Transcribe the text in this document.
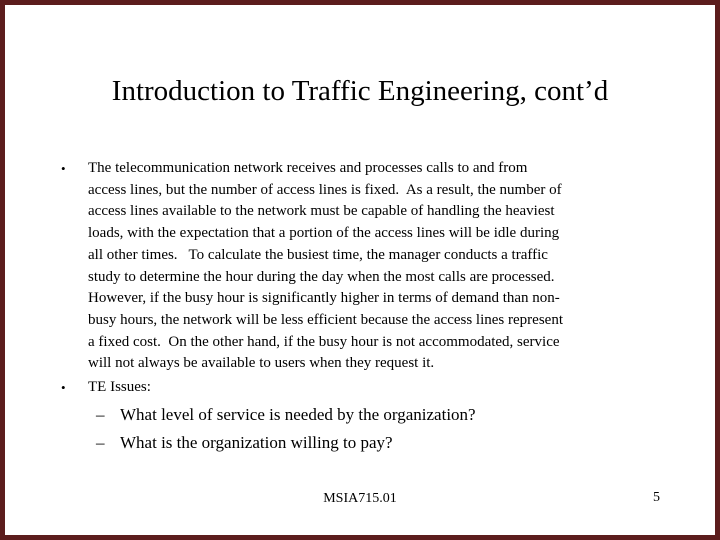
Introduction to Traffic Engineering, cont’d
• The telecommunication network receives and processes calls to and from
access lines, but the number of access lines is fixed.  As a result, the number of
access lines available to the network must be capable of handling the heaviest
loads, with the expectation that a portion of the access lines will be idle during
all other times.   To calculate the busiest time, the manager conducts a traffic
study to determine the hour during the day when the most calls are processed.
However, if the busy hour is significantly higher in terms of demand than non-
busy hours, the network will be less efficient because the access lines represent
a fixed cost.  On the other hand, if the busy hour is not accommodated, service
will not always be available to users when they request it.
• TE Issues:
– What level of service is needed by the organization?
– What is the organization willing to pay?
MSIA715.01	5
